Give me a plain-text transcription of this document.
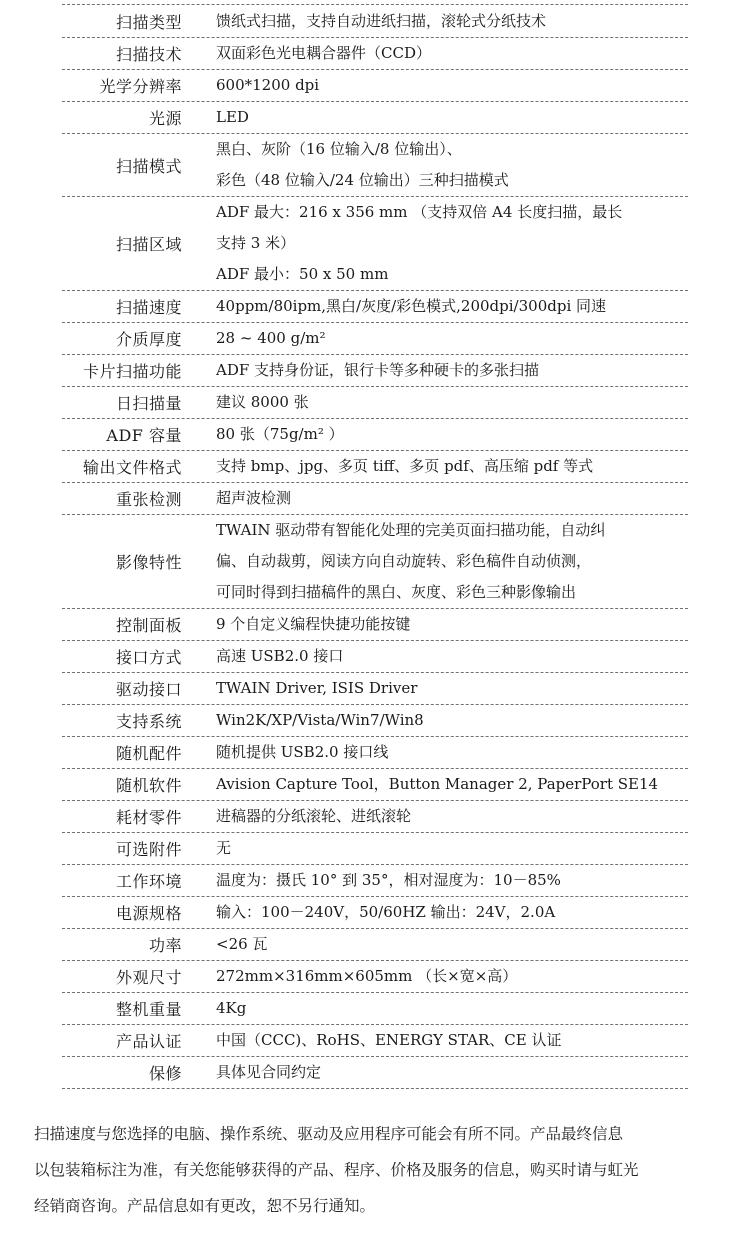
扫描类型 馈纸式扫描，支持自动进纸扫描，滚轮式分纸技术
扫描技术 双面彩色光电耦合器件（CCD）
光学分辨率 600*1200 dpi
光源 LED
扫描模式
黑白、灰阶（16 位输入/8 位输出）、
彩色（48 位输入/24 位输出）三种扫描模式
扫描区域
ADF 最大：216 x 356 mm （支持双倍 A4 长度扫描，最长
支持 3 米）
ADF 最小：50 x 50 mm
扫描速度 40ppm/80ipm,黑白/灰度/彩色模式,200dpi/300dpi 同速
介质厚度 28 ~ 400 g/m²
卡片扫描功能 ADF 支持身份证，银行卡等多种硬卡的多张扫描
日扫描量 建议 8000 张
ADF 容量 80 张（75g/m² ）
输出文件格式 支持 bmp、jpg、多页 tiff、多页 pdf、高压缩 pdf 等式
重张检测 超声波检测
影像特性
TWAIN 驱动带有智能化处理的完美页面扫描功能，自动纠
偏、自动裁剪，阅读方向自动旋转、彩色稿件自动侦测，
可同时得到扫描稿件的黑白、灰度、彩色三种影像输出
控制面板 9 个自定义编程快捷功能按键
接口方式 高速 USB2.0 接口
驱动接口 TWAIN Driver, ISIS Driver
支持系统 Win2K/XP/Vista/Win7/Win8
随机配件 随机提供 USB2.0 接口线
随机软件 Avision Capture Tool，Button Manager 2, PaperPort SE14
耗材零件 进稿器的分纸滚轮、进纸滚轮
可选附件 无
工作环境 温度为：摄氏 10° 到 35°，相对湿度为：10－85%
电源规格 输入：100－240V，50/60HZ 输出：24V，2.0A
功率 <26 瓦
外观尺寸 272mm×316mm×605mm （长×宽×高）
整机重量 4Kg
产品认证 中国（CCC)、RoHS、ENERGY STAR、CE 认证
保修 具体见合同约定
扫描速度与您选择的电脑、操作系统、驱动及应用程序可能会有所不同。产品最终信息
以包装箱标注为准，有关您能够获得的产品、程序、价格及服务的信息，购买时请与虹光
经销商咨询。产品信息如有更改，恕不另行通知。
